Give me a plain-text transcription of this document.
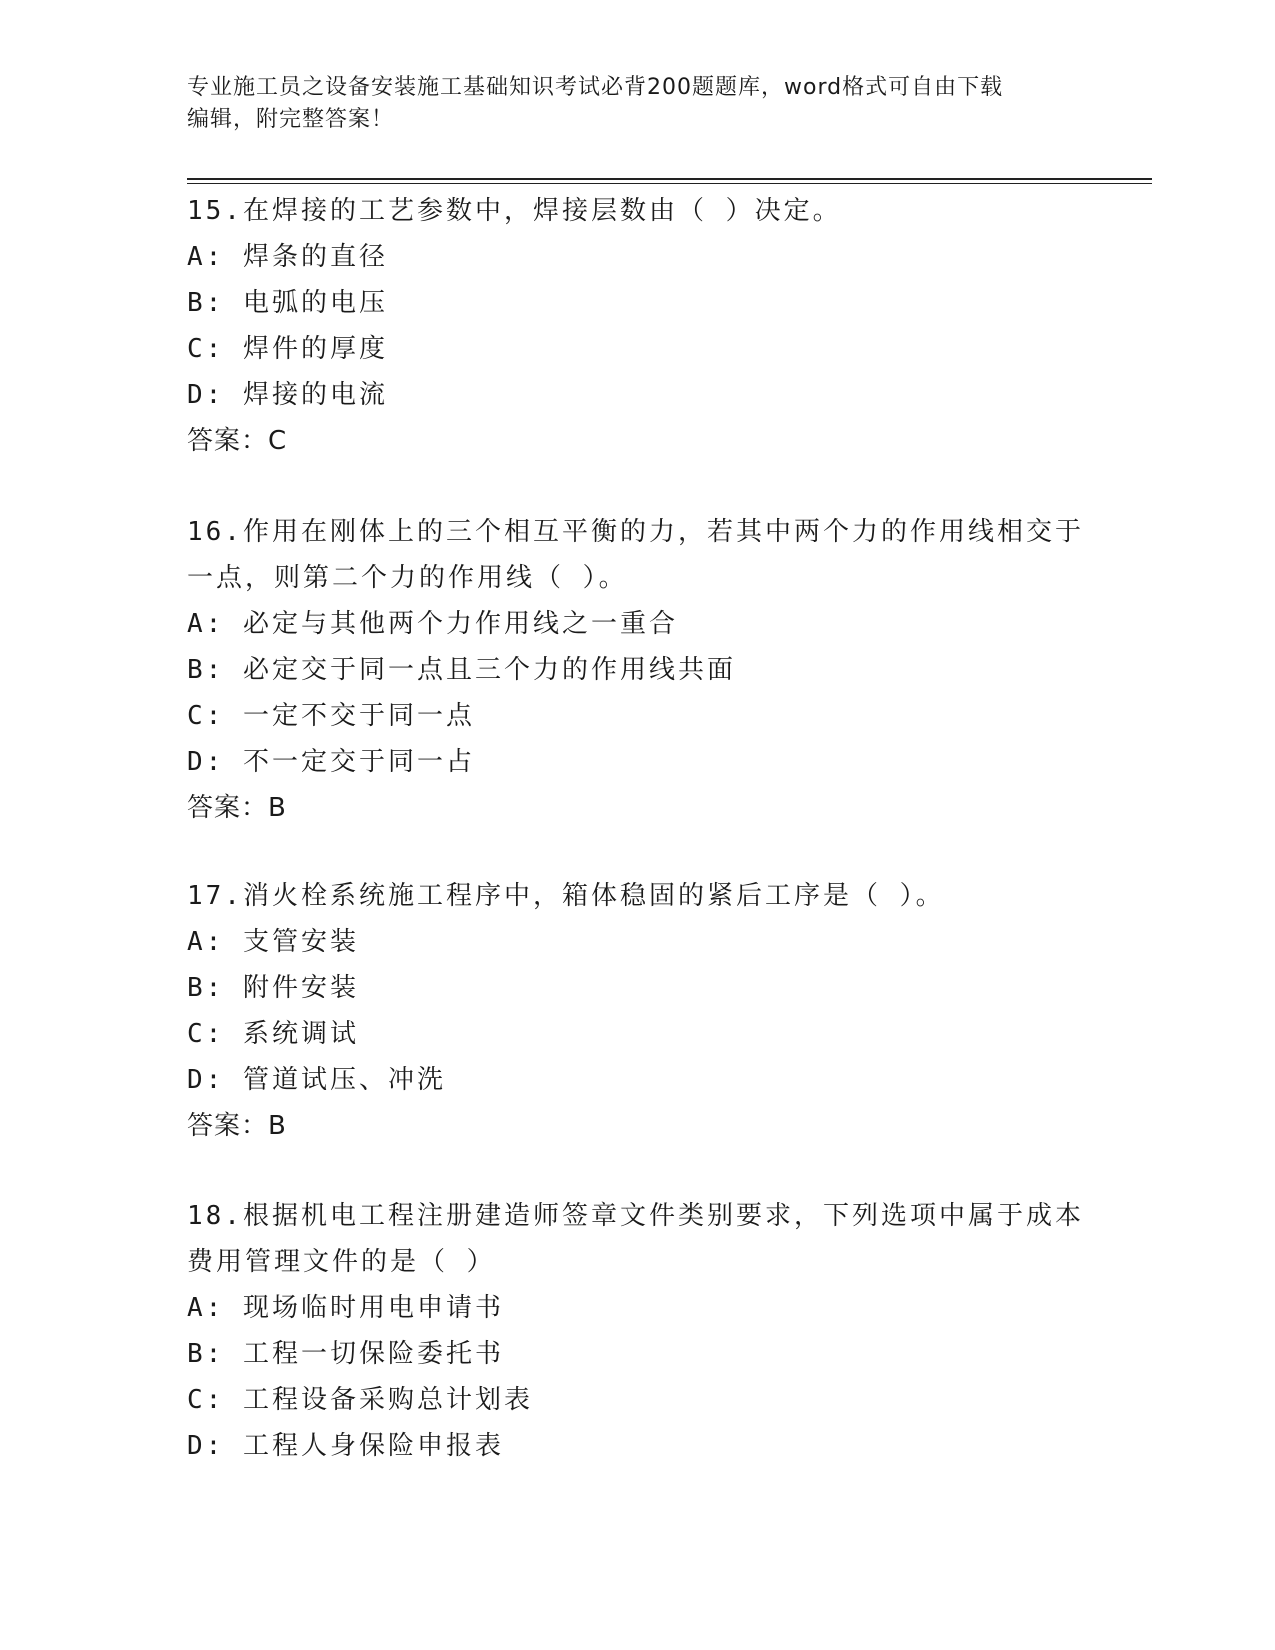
专业施工员之设备安装施工基础知识考试必背200题题库，word格式可自由下载
编辑，附完整答案！
15.在焊接的工艺参数中，焊接层数由（ ）决定。
A: 焊条的直径
B: 电弧的电压
C: 焊件的厚度
D: 焊接的电流
答案：C
16.作用在刚体上的三个相互平衡的力，若其中两个力的作用线相交于
一点，则第二个力的作用线（ ）。
A: 必定与其他两个力作用线之一重合
B: 必定交于同一点且三个力的作用线共面
C: 一定不交于同一点
D: 不一定交于同一占
答案：B
17.消火栓系统施工程序中，箱体稳固的紧后工序是（ ）。
A: 支管安装
B: 附件安装
C: 系统调试
D: 管道试压、冲洗
答案：B
18.根据机电工程注册建造师签章文件类别要求，下列选项中属于成本
费用管理文件的是（ ）
A: 现场临时用电申请书
B: 工程一切保险委托书
C: 工程设备采购总计划表
D: 工程人身保险申报表
